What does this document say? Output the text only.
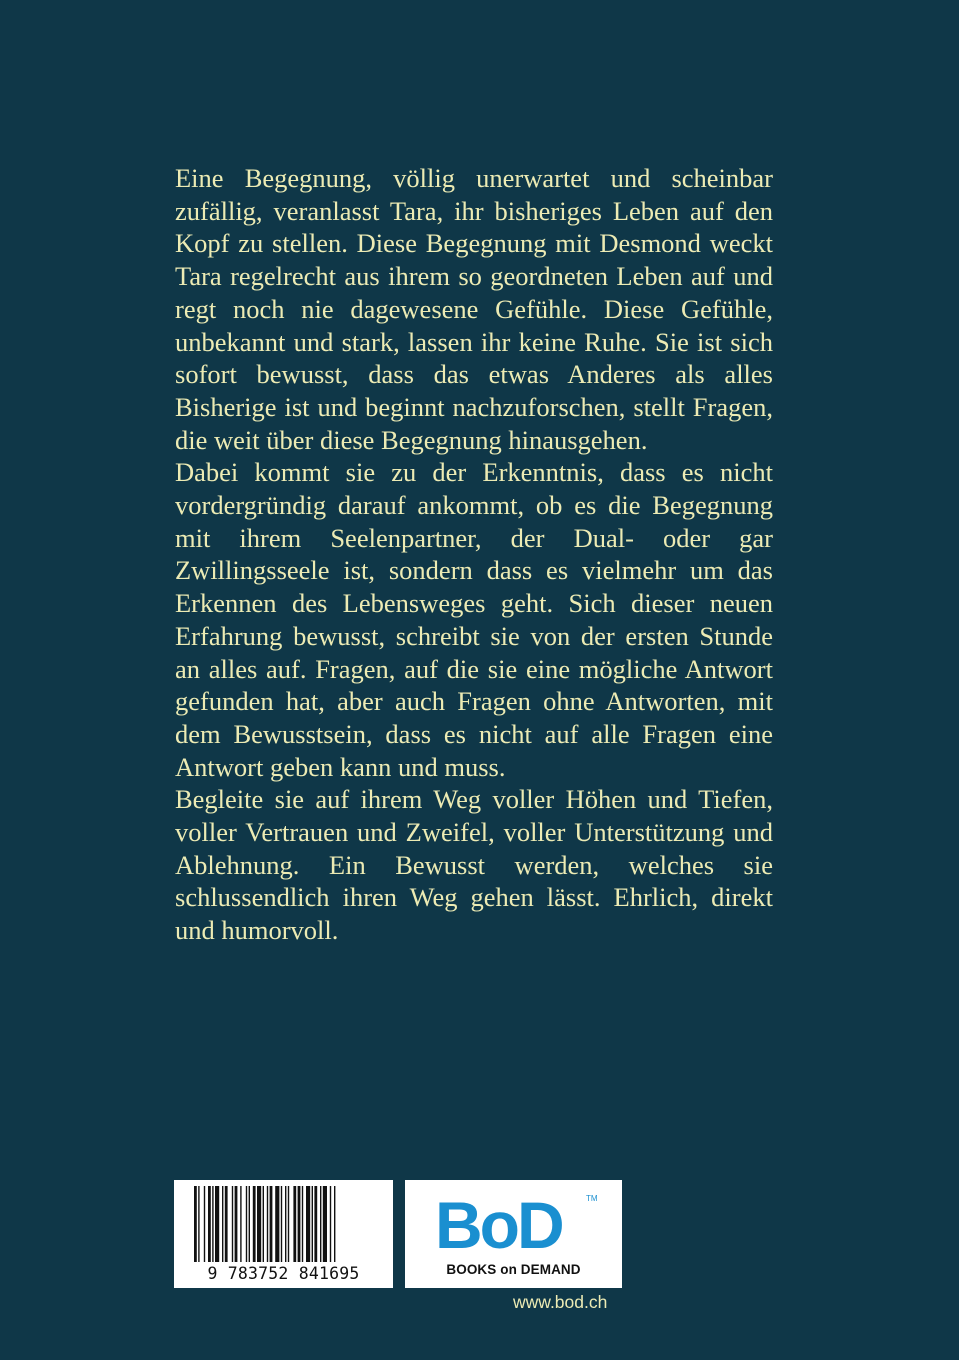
Eine Begegnung, völlig unerwartet und scheinbar zufällig, veranlasst Tara, ihr bisheriges Leben auf den Kopf zu stellen. Diese Begegnung mit Desmond weckt Tara regelrecht aus ihrem so geordneten Leben auf und regt noch nie dagewesene Gefühle. Diese Gefühle, unbekannt und stark, lassen ihr keine Ruhe. Sie ist sich sofort bewusst, dass das etwas Anderes als alles Bisherige ist und beginnt nachzuforschen, stellt Fragen, die weit über diese Begegnung hinausgehen.

Dabei kommt sie zu der Erkenntnis, dass es nicht vordergründig darauf ankommt, ob es die Begegnung mit ihrem Seelenpartner, der Dual- oder gar Zwillingsseele ist, sondern dass es vielmehr um das Erkennen des Lebensweges geht. Sich dieser neuen Erfahrung bewusst, schreibt sie von der ersten Stunde an alles auf. Fragen, auf die sie eine mögliche Antwort gefunden hat, aber auch Fragen ohne Antworten, mit dem Bewusstsein, dass es nicht auf alle Fragen eine Antwort geben kann und muss.

Begleite sie auf ihrem Weg voller Höhen und Tiefen, voller Vertrauen und Zweifel, voller Unterstützung und Ablehnung. Ein Bewusst werden, welches sie schlussendlich ihren Weg gehen lässt. Ehrlich, direkt und humorvoll.

9 783752 841695
BoD	TM
BOOKS on DEMAND
www.bod.ch
